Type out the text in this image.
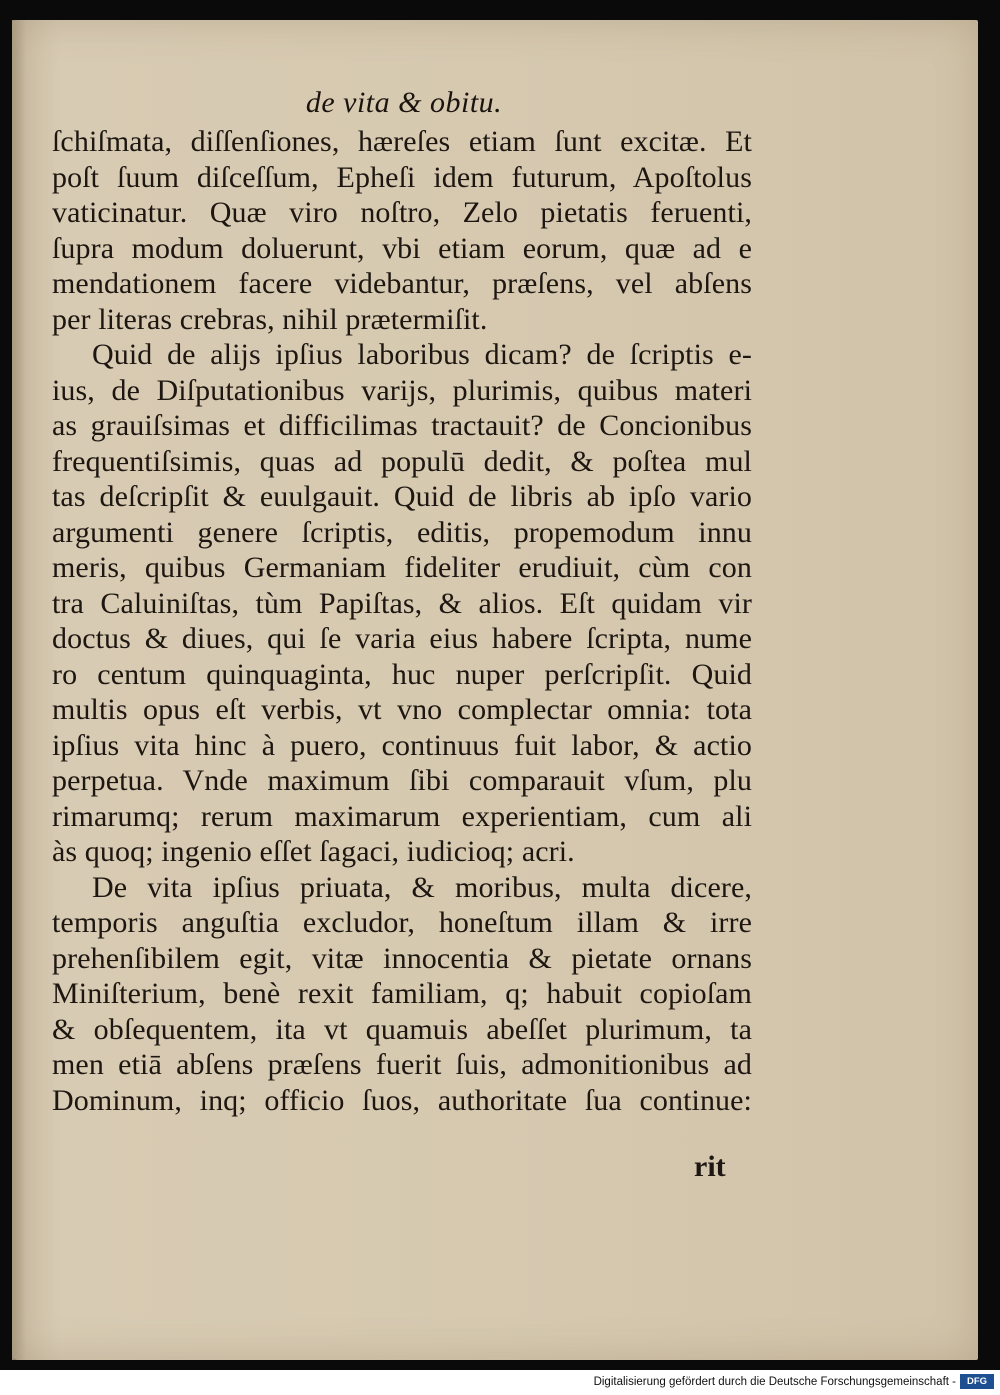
de vita & obitu.
ſchiſmata, diſſenſiones, hæreſes etiam ſunt excitæ. Et
poſt ſuum diſceſſum, Epheſi idem futurum, Apoſtolus
vaticinatur. Quæ viro noſtro, Zelo pietatis feruenti,
ſupra modum doluerunt, vbi etiam eorum, quæ ad e
mendationem facere videbantur, præſens, vel abſens
per literas crebras, nihil prætermiſit.
Quid de alijs ipſius laboribus dicam? de ſcriptis e-
ius, de Diſputationibus varijs, plurimis, quibus materi
as grauiſsimas et difficilimas tractauit? de Concionibus
frequentiſsimis, quas ad populū dedit, & poſtea mul
tas deſcripſit & euulgauit. Quid de libris ab ipſo vario
argumenti genere ſcriptis, editis, propemodum innu
meris, quibus Germaniam fideliter erudiuit, cùm con
tra Caluiniſtas, tùm Papiſtas, & alios. Eſt quidam vir
doctus & diues, qui ſe varia eius habere ſcripta, nume
ro centum quinquaginta, huc nuper perſcripſit. Quid
multis opus eſt verbis, vt vno complectar omnia: tota
ipſius vita hinc à puero, continuus fuit labor, & actio
perpetua. Vnde maximum ſibi comparauit vſum, plu
rimarumq; rerum maximarum experientiam, cum ali
às quoq; ingenio eſſet ſagaci, iudicioq; acri.
De vita ipſius priuata, & moribus, multa dicere,
temporis anguſtia excludor, honeſtum illam & irre
prehenſibilem egit, vitæ innocentia & pietate ornans
Miniſterium, benè rexit familiam, q; habuit copioſam
& obſequentem, ita vt quamuis abeſſet plurimum, ta
men etiā abſens præſens fuerit ſuis, admonitionibus ad
Dominum, inq; officio ſuos, authoritate ſua continue:
rit
Digitalisierung gefördert durch die Deutsche Forschungsgemeinschaft -	DFG
